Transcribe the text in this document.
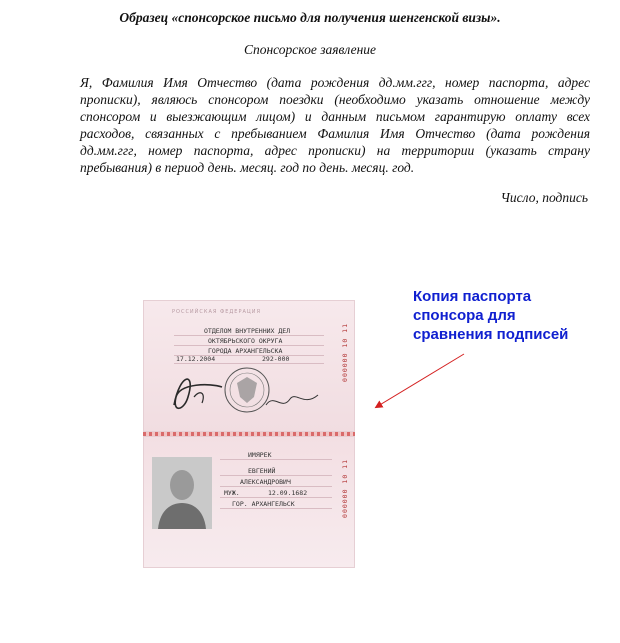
Образец «спонсорское письмо для получения шенгенской визы».
Спонсорское заявление
Я, Фамилия Имя Отчество (дата рождения дд.мм.ггг, номер паспорта, адрес прописки), являюсь спонсором поездки (необходимо указать отношение между спонсором и выезжающим лицом) и данным письмом гарантирую оплату всех расходов, связанных с пребыванием Фамилия Имя Отчество (дата рождения дд.мм.ггг, номер паспорта, адрес прописки) на территории (указать страну пребывания) в период день. месяц. год по день. месяц. год.
Число, подпись
РОССИЙСКАЯ ФЕДЕРАЦИЯ
ОТДЕЛОМ ВНУТРЕННИХ ДЕЛ
ОКТЯБРЬСКОГО ОКРУГА
ГОРОДА АРХАНГЕЛЬСКА
17.12.2004	292-000	000000 10 11
ИМЯРЕК
ЕВГЕНИЙ
АЛЕКСАНДРОВИЧ
МУЖ.	12.09.1682
ГОР. АРХАНГЕЛЬСК	000000 10 11
Копия паспорта спонсора для сравнения подписей
